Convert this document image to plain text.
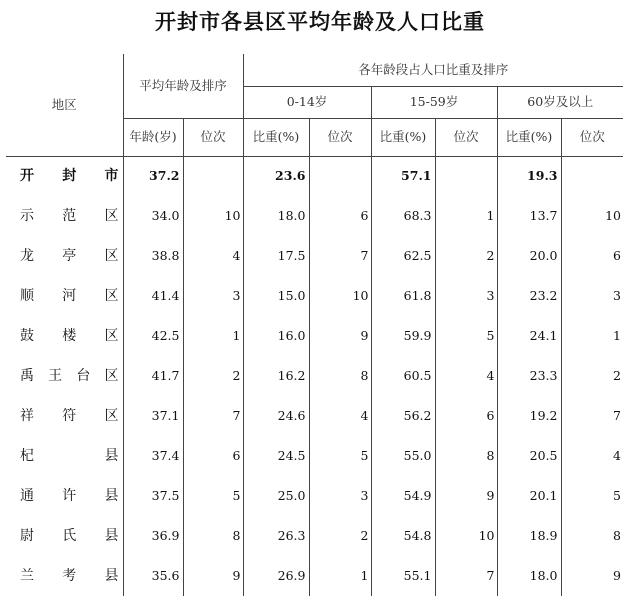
开封市各县区平均年龄及人口比重
地区	平均年龄及排序		各年龄段占人口比重及排序					
			0-14岁		15-59岁		60岁及以上	
	年龄(岁)	位次	比重(%)	位次	比重(%)	位次	比重(%)	位次
开封市	37.2		23.6		57.1		19.3	
示范区	34.0	10	18.0	6	68.3	1	13.7	10
龙亭区	38.8	4	17.5	7	62.5	2	20.0	6
顺河区	41.4	3	15.0	10	61.8	3	23.2	3
鼓楼区	42.5	1	16.0	9	59.9	5	24.1	1
禹王台区	41.7	2	16.2	8	60.5	4	23.3	2
祥符区	37.1	7	24.6	4	56.2	6	19.2	7
杞县	37.4	6	24.5	5	55.0	8	20.5	4
通许县	37.5	5	25.0	3	54.9	9	20.1	5
尉氏县	36.9	8	26.3	2	54.8	10	18.9	8
兰考县	35.6	9	26.9	1	55.1	7	18.0	9
